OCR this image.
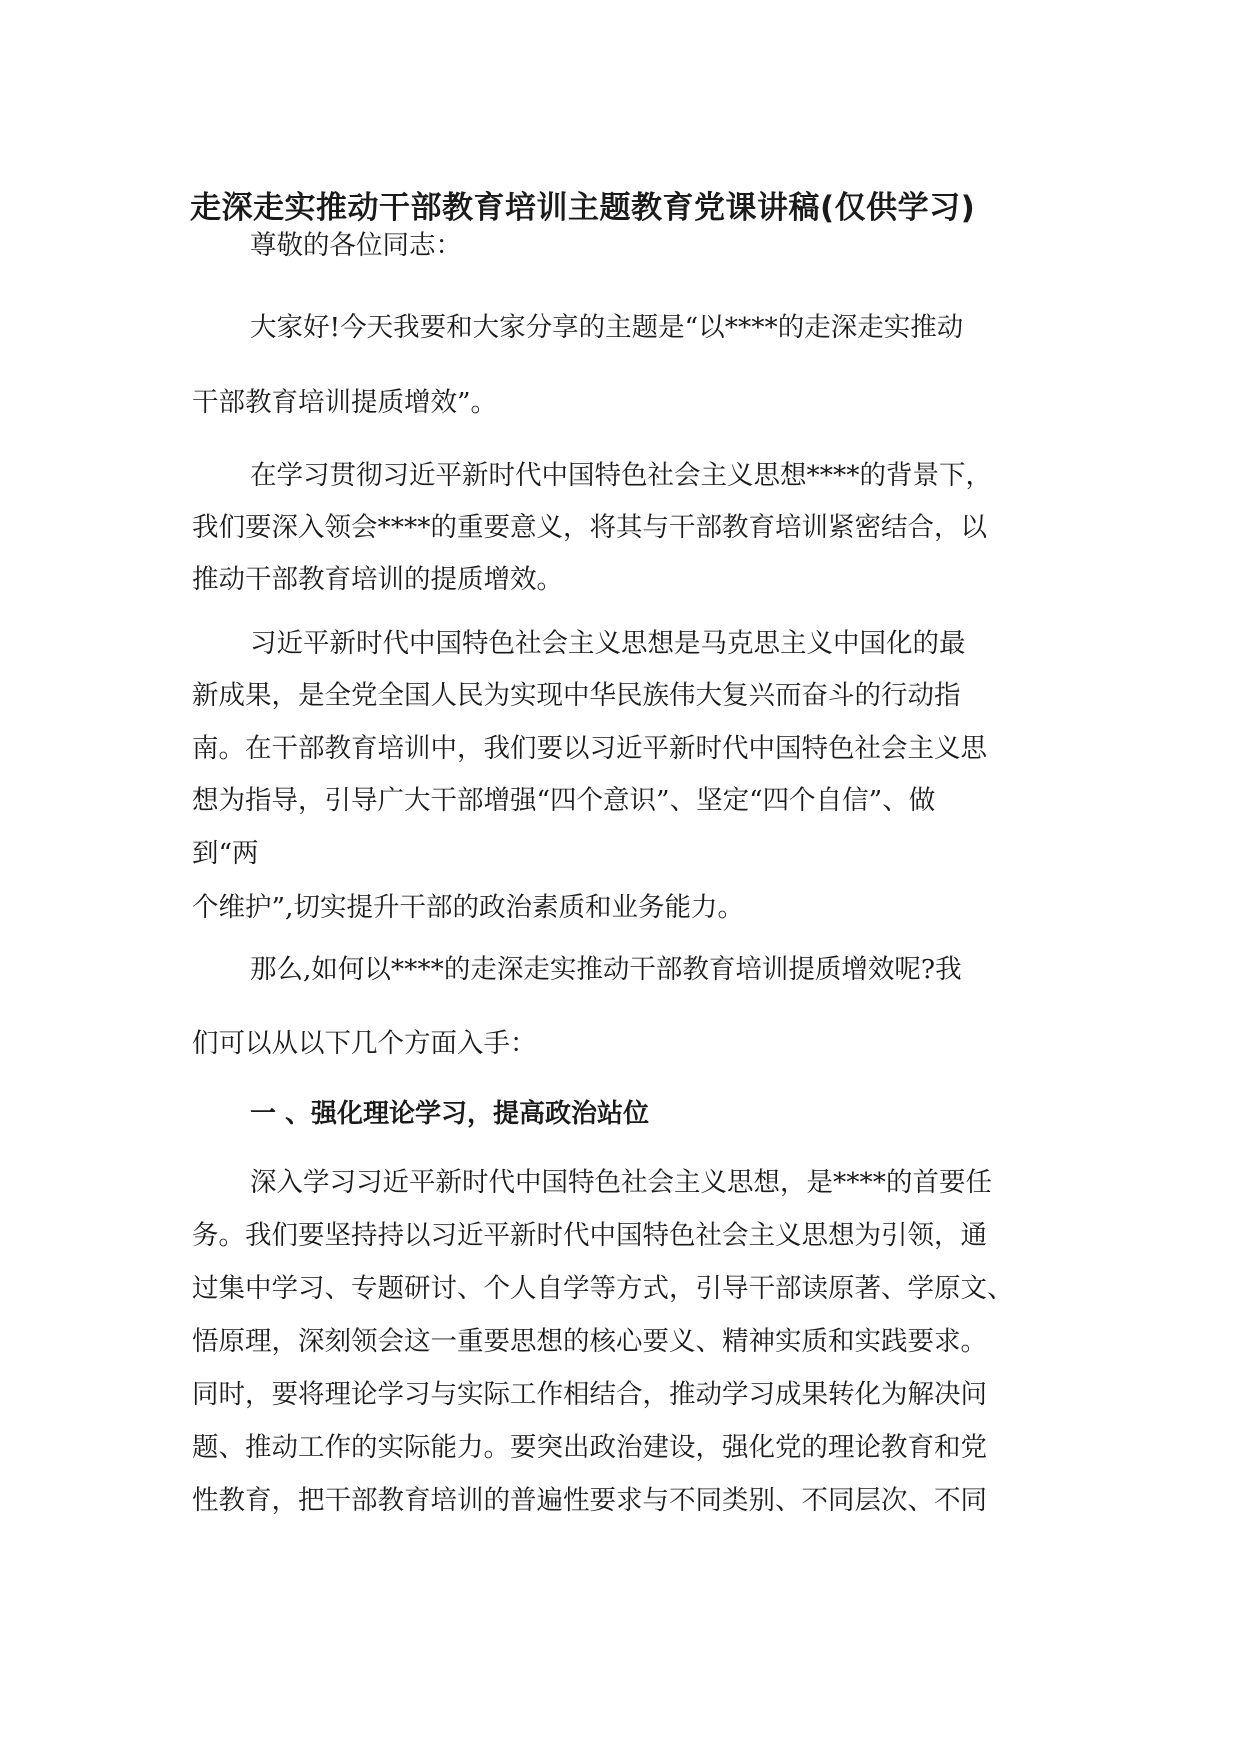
走深走实推动干部教育培训主题教育党课讲稿(仅供学习)

尊敬的各位同志：

大家好!今天我要和大家分享的主题是“以****的走深走实推动

干部教育培训提质增效”。

在学习贯彻习近平新时代中国特色社会主义思想****的背景下，

我们要深入领会****的重要意义，将其与干部教育培训紧密结合，以

推动干部教育培训的提质增效。

习近平新时代中国特色社会主义思想是马克思主义中国化的最

新成果，是全党全国人民为实现中华民族伟大复兴而奋斗的行动指

南。在干部教育培训中，我们要以习近平新时代中国特色社会主义思

想为指导，引导广大干部增强“四个意识”、坚定“四个自信”、做

到“两

个维护”,切实提升干部的政治素质和业务能力。

那么,如何以****的走深走实推动干部教育培训提质增效呢?我

们可以从以下几个方面入手：

一 、强化理论学习，提高政治站位

深入学习习近平新时代中国特色社会主义思想，是****的首要任

务。我们要坚持持以习近平新时代中国特色社会主义思想为引领，通

过集中学习、专题研讨、个人自学等方式，引导干部读原著、学原文、

悟原理，深刻领会这一重要思想的核心要义、精神实质和实践要求。

同时，要将理论学习与实际工作相结合，推动学习成果转化为解决问

题、推动工作的实际能力。要突出政治建设，强化党的理论教育和党

性教育，把干部教育培训的普遍性要求与不同类别、不同层次、不同
